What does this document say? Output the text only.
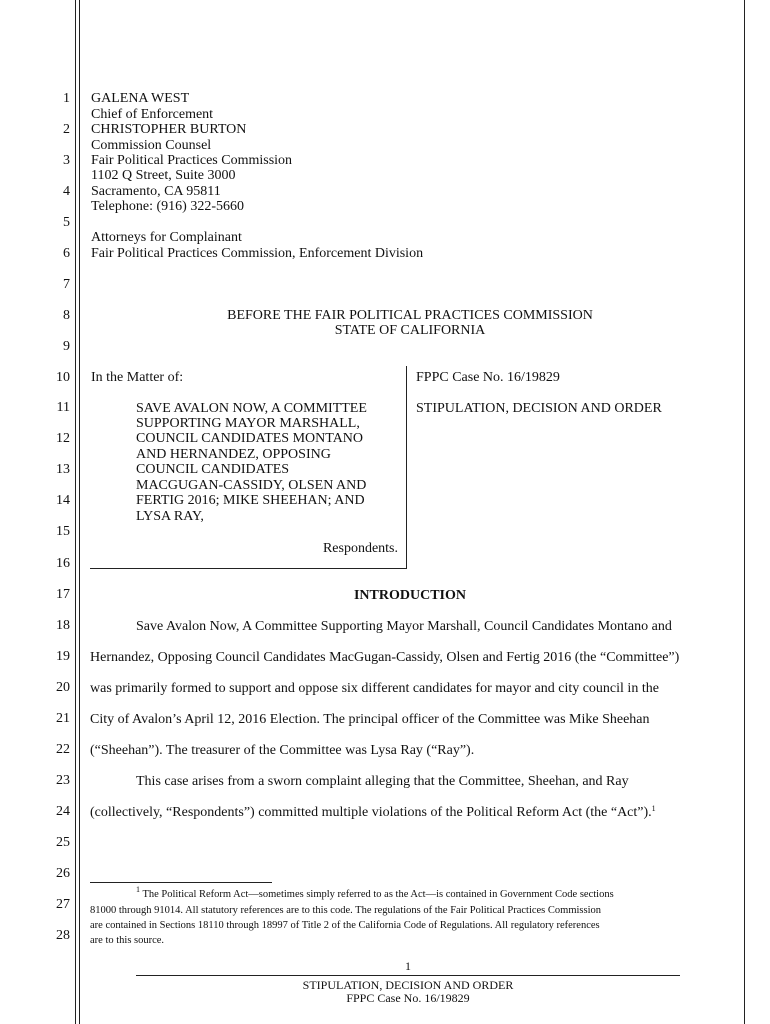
1
2
3
4
5
6
7
8
9
10
11
12
13
14
15
16
17
18
19
20
21
22
23
24
25
26
27
28
GALENA WEST
Chief of Enforcement
CHRISTOPHER BURTON
Commission Counsel
Fair Political Practices Commission
1102 Q Street, Suite 3000
Sacramento, CA 95811
Telephone: (916) 322-5660
Attorneys for Complainant
Fair Political Practices Commission, Enforcement Division
BEFORE THE FAIR POLITICAL PRACTICES COMMISSION
STATE OF CALIFORNIA
In the Matter of:
SAVE AVALON NOW, A COMMITTEE
SUPPORTING MAYOR MARSHALL,
COUNCIL CANDIDATES MONTANO
AND HERNANDEZ, OPPOSING
COUNCIL CANDIDATES
MACGUGAN-CASSIDY, OLSEN AND
FERTIG 2016; MIKE SHEEHAN; AND
LYSA RAY,
Respondents.
FPPC Case No. 16/19829
STIPULATION, DECISION AND ORDER
INTRODUCTION
Save Avalon Now, A Committee Supporting Mayor Marshall, Council Candidates Montano and
Hernandez, Opposing Council Candidates MacGugan-Cassidy, Olsen and Fertig 2016 (the “Committee”)
was primarily formed to support and oppose six different candidates for mayor and city council in the
City of Avalon’s April 12, 2016 Election. The principal officer of the Committee was Mike Sheehan
(“Sheehan”). The treasurer of the Committee was Lysa Ray (“Ray”).
This case arises from a sworn complaint alleging that the Committee, Sheehan, and Ray
(collectively, “Respondents”) committed multiple violations of the Political Reform Act (the “Act”).$^1$
$^1$ The Political Reform Act—sometimes simply referred to as the Act—is contained in Government Code sections
81000 through 91014. All statutory references are to this code. The regulations of the Fair Political Practices Commission
are contained in Sections 18110 through 18997 of Title 2 of the California Code of Regulations. All regulatory references
are to this source.
1
STIPULATION, DECISION AND ORDER
FPPC Case No. 16/19829
